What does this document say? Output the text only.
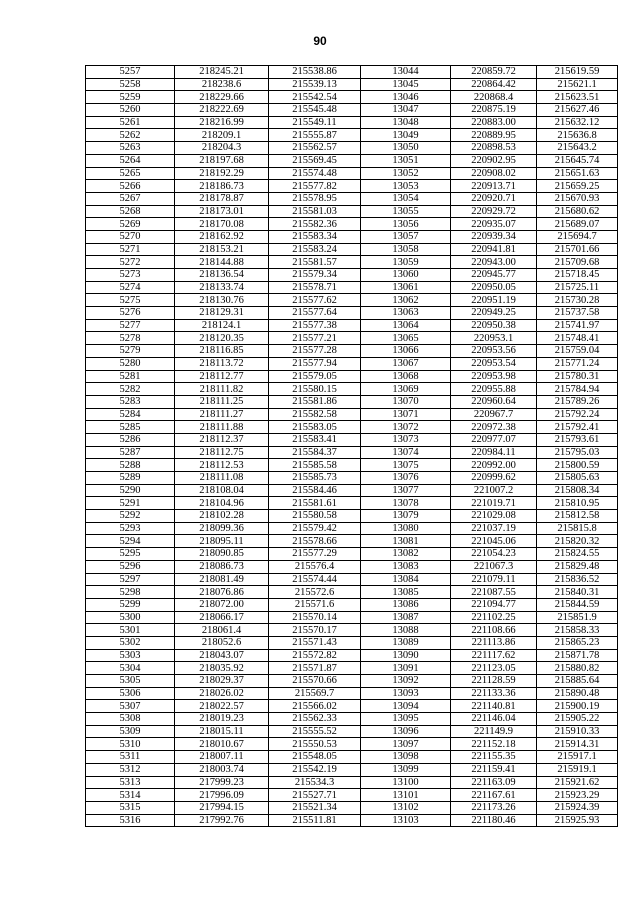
90
5257	218245.21	215538.86	13044	220859.72	215619.59
5258	218238.6	215539.13	13045	220864.42	215621.1
5259	218229.66	215542.54	13046	220868.4	215623.51
5260	218222.69	215545.48	13047	220875.19	215627.46
5261	218216.99	215549.11	13048	220883.00	215632.12
5262	218209.1	215555.87	13049	220889.95	215636.8
5263	218204.3	215562.57	13050	220898.53	215643.2
5264	218197.68	215569.45	13051	220902.95	215645.74
5265	218192.29	215574.48	13052	220908.02	215651.63
5266	218186.73	215577.82	13053	220913.71	215659.25
5267	218178.87	215578.95	13054	220920.71	215670.93
5268	218173.01	215581.03	13055	220929.72	215680.62
5269	218170.08	215582.36	13056	220935.07	215689.07
5270	218162.92	215583.34	13057	220939.34	215694.7
5271	218153.21	215583.24	13058	220941.81	215701.66
5272	218144.88	215581.57	13059	220943.00	215709.68
5273	218136.54	215579.34	13060	220945.77	215718.45
5274	218133.74	215578.71	13061	220950.05	215725.11
5275	218130.76	215577.62	13062	220951.19	215730.28
5276	218129.31	215577.64	13063	220949.25	215737.58
5277	218124.1	215577.38	13064	220950.38	215741.97
5278	218120.35	215577.21	13065	220953.1	215748.41
5279	218116.85	215577.28	13066	220953.56	215759.04
5280	218113.72	215577.94	13067	220953.54	215771.24
5281	218112.77	215579.05	13068	220953.98	215780.31
5282	218111.82	215580.15	13069	220955.88	215784.94
5283	218111.25	215581.86	13070	220960.64	215789.26
5284	218111.27	215582.58	13071	220967.7	215792.24
5285	218111.88	215583.05	13072	220972.38	215792.41
5286	218112.37	215583.41	13073	220977.07	215793.61
5287	218112.75	215584.37	13074	220984.11	215795.03
5288	218112.53	215585.58	13075	220992.00	215800.59
5289	218111.08	215585.73	13076	220999.62	215805.63
5290	218108.04	215584.46	13077	221007.2	215808.34
5291	218104.96	215581.61	13078	221019.71	215810.95
5292	218102.28	215580.58	13079	221029.08	215812.58
5293	218099.36	215579.42	13080	221037.19	215815.8
5294	218095.11	215578.66	13081	221045.06	215820.32
5295	218090.85	215577.29	13082	221054.23	215824.55
5296	218086.73	215576.4	13083	221067.3	215829.48
5297	218081.49	215574.44	13084	221079.11	215836.52
5298	218076.86	215572.6	13085	221087.55	215840.31
5299	218072.00	215571.6	13086	221094.77	215844.59
5300	218066.17	215570.14	13087	221102.25	215851.9
5301	218061.4	215570.17	13088	221108.66	215858.33
5302	218052.6	215571.43	13089	221113.86	215865.23
5303	218043.07	215572.82	13090	221117.62	215871.78
5304	218035.92	215571.87	13091	221123.05	215880.82
5305	218029.37	215570.66	13092	221128.59	215885.64
5306	218026.02	215569.7	13093	221133.36	215890.48
5307	218022.57	215566.02	13094	221140.81	215900.19
5308	218019.23	215562.33	13095	221146.04	215905.22
5309	218015.11	215555.52	13096	221149.9	215910.33
5310	218010.67	215550.53	13097	221152.18	215914.31
5311	218007.11	215548.05	13098	221155.35	215917.1
5312	218003.74	215542.19	13099	221159.41	215919.1
5313	217999.23	215534.3	13100	221163.09	215921.62
5314	217996.09	215527.71	13101	221167.61	215923.29
5315	217994.15	215521.34	13102	221173.26	215924.39
5316	217992.76	215511.81	13103	221180.46	215925.93
